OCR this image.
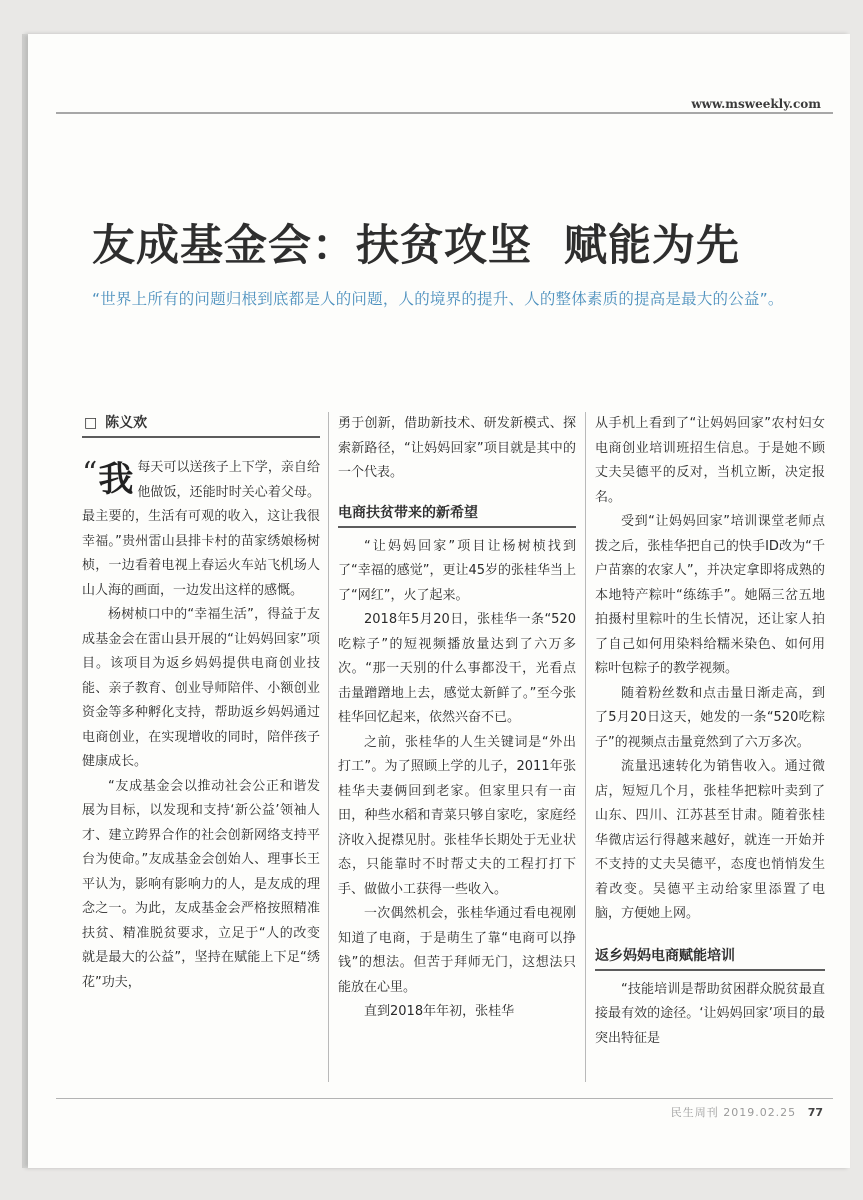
www.msweekly.com
友成基金会：扶贫攻坚  赋能为先
“世界上所有的问题归根到底都是人的问题，人的境界的提升、人的整体素质的提高是最大的公益”。
□ 陈义欢

“ 我 每天可以送孩子上下学，亲自给他做饭，还能时时关心着父母。最主要的，生活有可观的收入，这让我很幸福。”贵州雷山县排卡村的苗家绣娘杨树桢，一边看着电视上春运火车站飞机场人山人海的画面，一边发出这样的感慨。

杨树桢口中的“幸福生活”，得益于友成基金会在雷山县开展的“让妈妈回家”项目。该项目为返乡妈妈提供电商创业技能、亲子教育、创业导师陪伴、小额创业资金等多种孵化支持，帮助返乡妈妈通过电商创业，在实现增收的同时，陪伴孩子健康成长。

“友成基金会以推动社会公正和谐发展为目标，以发现和支持‘新公益’领袖人才、建立跨界合作的社会创新网络支持平台为使命。”友成基金会创始人、理事长王平认为，影响有影响力的人，是友成的理念之一。为此，友成基金会严格按照精准扶贫、精准脱贫要求，立足于“人的改变就是最大的公益”，坚持在赋能上下足“绣花”功夫，

勇于创新，借助新技术、研发新模式、探索新路径，“让妈妈回家”项目就是其中的一个代表。

电商扶贫带来的新希望

“让妈妈回家”项目让杨树桢找到了“幸福的感觉”，更让45岁的张桂华当上了“网红”，火了起来。

2018年5月20日，张桂华一条“520吃粽子”的短视频播放量达到了六万多次。“那一天别的什么事都没干，光看点击量蹭蹭地上去，感觉太新鲜了。”至今张桂华回忆起来，依然兴奋不已。

之前，张桂华的人生关键词是“外出打工”。为了照顾上学的儿子，2011年张桂华夫妻俩回到老家。但家里只有一亩田，种些水稻和青菜只够自家吃，家庭经济收入捉襟见肘。张桂华长期处于无业状态，只能靠时不时帮丈夫的工程打打下手、做做小工获得一些收入。

一次偶然机会，张桂华通过看电视刚知道了电商，于是萌生了靠“电商可以挣钱”的想法。但苦于拜师无门，这想法只能放在心里。

直到2018年年初，张桂华

从手机上看到了“让妈妈回家”农村妇女电商创业培训班招生信息。于是她不顾丈夫吴德平的反对，当机立断，决定报名。

受到“让妈妈回家”培训课堂老师点拨之后，张桂华把自己的快手ID改为“千户苗寨的农家人”，并决定拿即将成熟的本地特产粽叶“练练手”。她隔三岔五地拍摄村里粽叶的生长情况，还让家人拍了自己如何用染料给糯米染色、如何用粽叶包粽子的教学视频。

随着粉丝数和点击量日渐走高，到了5月20日这天，她发的一条“520吃粽子”的视频点击量竟然到了六万多次。

流量迅速转化为销售收入。通过微店，短短几个月，张桂华把粽叶卖到了山东、四川、江苏甚至甘肃。随着张桂华微店运行得越来越好，就连一开始并不支持的丈夫吴德平，态度也悄悄发生着改变。吴德平主动给家里添置了电脑，方便她上网。

返乡妈妈电商赋能培训

“技能培训是帮助贫困群众脱贫最直接最有效的途径。‘让妈妈回家’项目的最突出特征是

民生周刊 2019.02.25 77
